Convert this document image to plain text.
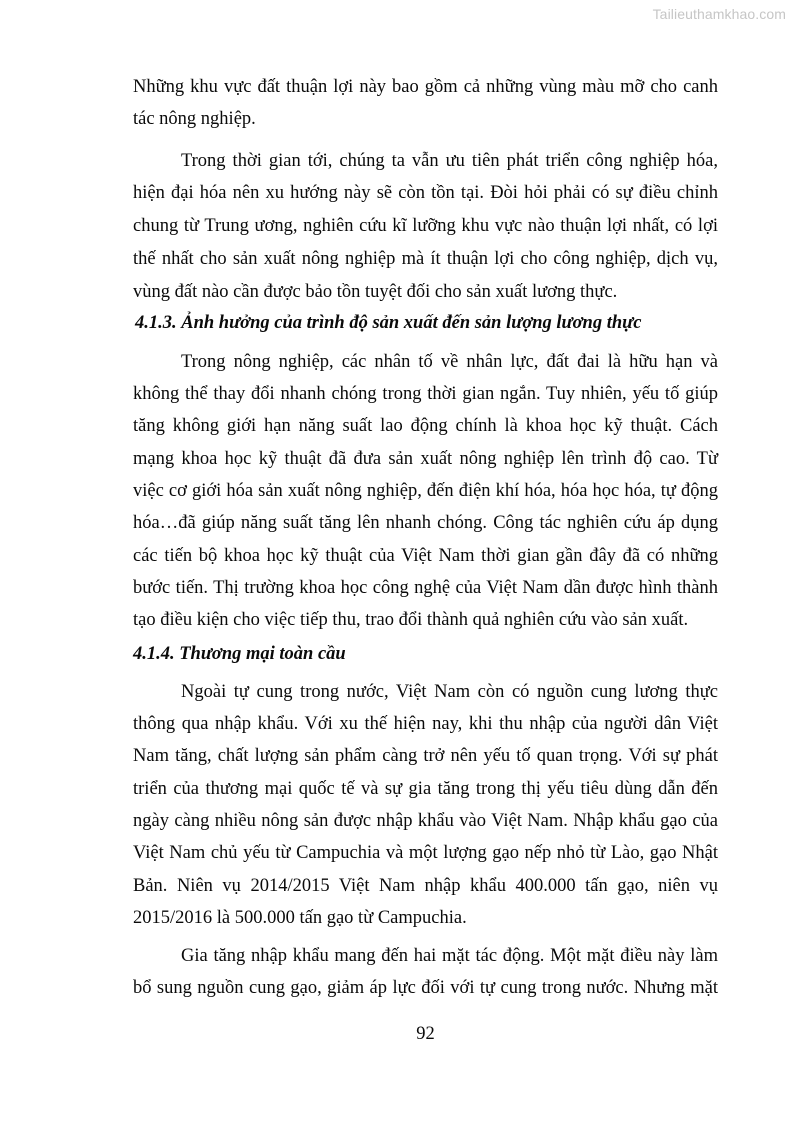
Tailieuthamkhao.com
Những khu vực đất thuận lợi này bao gồm cả những vùng màu mỡ cho canh
tác nông nghiệp.
Trong thời gian tới, chúng ta vẫn ưu tiên phát triển công nghiệp hóa,
hiện đại hóa nên xu hướng này sẽ còn tồn tại. Đòi hỏi phải có sự điều chỉnh
chung từ Trung ương, nghiên cứu kĩ lưỡng khu vực nào thuận lợi nhất, có lợi
thế nhất cho sản xuất nông nghiệp mà ít thuận lợi cho công nghiệp, dịch vụ,
vùng đất nào cần được bảo tồn tuyệt đối cho sản xuất lương thực.
4.1.3. Ảnh hưởng của trình độ sản xuất đến sản lượng lương thực
Trong nông nghiệp, các nhân tố về nhân lực, đất đai là hữu hạn và
không thể thay đổi nhanh chóng trong thời gian ngắn. Tuy nhiên, yếu tố giúp
tăng không giới hạn năng suất lao động chính là khoa học kỹ thuật. Cách
mạng khoa học kỹ thuật đã đưa sản xuất nông nghiệp lên trình độ cao. Từ
việc cơ giới hóa sản xuất nông nghiệp, đến điện khí hóa, hóa học hóa, tự động
hóa…đã giúp năng suất tăng lên nhanh chóng. Công tác nghiên cứu áp dụng
các tiến bộ khoa học kỹ thuật của Việt Nam thời gian gần đây đã có những
bước tiến. Thị trường khoa học công nghệ của Việt Nam dần được hình thành
tạo điều kiện cho việc tiếp thu, trao đổi thành quả nghiên cứu vào sản xuất.
4.1.4. Thương mại toàn cầu
Ngoài tự cung trong nước, Việt Nam còn có nguồn cung lương thực
thông qua nhập khẩu. Với xu thế hiện nay, khi thu nhập của người dân Việt
Nam tăng, chất lượng sản phẩm càng trở nên yếu tố quan trọng. Với sự phát
triển của thương mại quốc tế và sự gia tăng trong thị yếu tiêu dùng dẫn đến
ngày càng nhiều nông sản được nhập khẩu vào Việt Nam. Nhập khẩu gạo của
Việt Nam chủ yếu từ Campuchia và một lượng gạo nếp nhỏ từ Lào, gạo Nhật
Bản. Niên vụ 2014/2015 Việt Nam nhập khẩu 400.000 tấn gạo, niên vụ
2015/2016 là 500.000 tấn gạo từ Campuchia.
Gia tăng nhập khẩu mang đến hai mặt tác động. Một mặt điều này làm
bổ sung nguồn cung gạo, giảm áp lực đối với tự cung trong nước. Nhưng mặt
92
